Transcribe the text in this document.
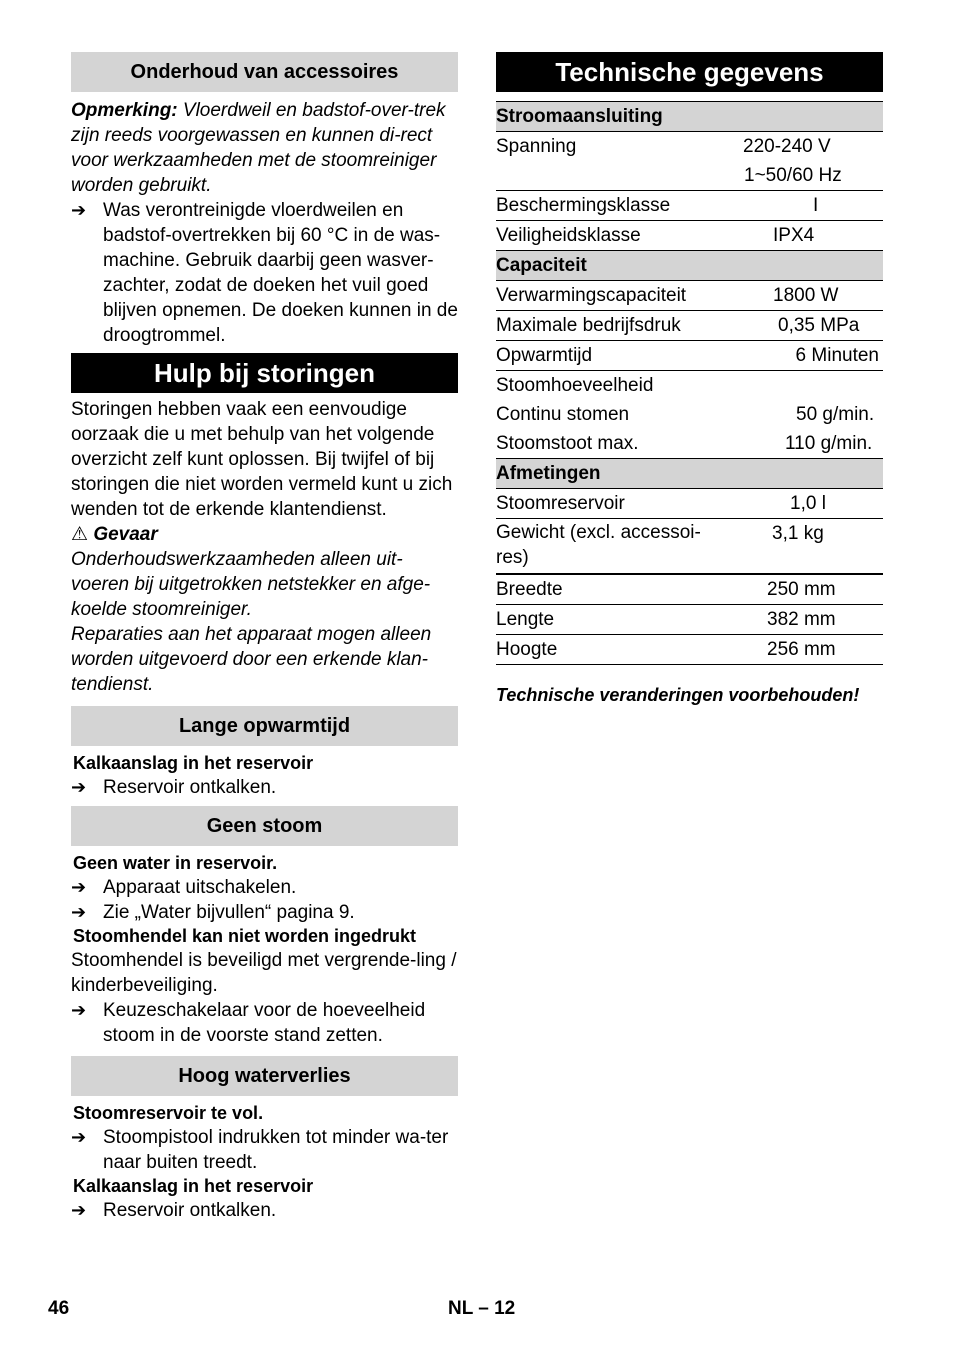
Onderhoud van accessoires
Opmerking: Vloerdweil en badstof-over-trek zijn reeds voorgewassen en kunnen di-rect voor werkzaamheden met de stoomreiniger worden gebruikt.
➔ Was verontreinigde vloerdweilen en badstof-overtrekken bij 60 °C in de was-machine. Gebruik daarbij geen wasver-zachter, zodat de doeken het vuil goed blijven opnemen. De doeken kunnen in de droogtrommel.
Hulp bij storingen
Storingen hebben vaak een eenvoudige oorzaak die u met behulp van het volgende overzicht zelf kunt oplossen. Bij twijfel of bij storingen die niet worden vermeld kunt u zich wenden tot de erkende klantendienst.
⚠ Gevaar
Onderhoudswerkzaamheden alleen uit-voeren bij uitgetrokken netstekker en afge-koelde stoomreiniger.
Reparaties aan het apparaat mogen alleen worden uitgevoerd door een erkende klan-tendienst.
Lange opwarmtijd
Kalkaanslag in het reservoir
➔ Reservoir ontkalken.
Geen stoom
Geen water in reservoir.
➔ Apparaat uitschakelen.
➔ Zie „Water bijvullen“ pagina 9.
Stoomhendel kan niet worden ingedrukt
Stoomhendel is beveiligd met vergrende-ling / kinderbeveiliging.
➔ Keuzeschakelaar voor de hoeveelheid stoom in de voorste stand zetten.
Hoog waterverlies
Stoomreservoir te vol.
➔ Stoompistool indrukken tot minder wa-ter naar buiten treedt.
Kalkaanslag in het reservoir
➔ Reservoir ontkalken.
Technische gegevens
Stroomaansluiting	
Spanning	220-240 V
	1~50/60 Hz
Beschermingsklasse	I
Veiligheidsklasse	IPX4
Capaciteit	
Verwarmingscapaciteit	1800 W
Maximale bedrijfsdruk	0,35 MPa
Opwarmtijd	6 Minuten
Stoomhoeveelheid	
Continu stomen	50 g/min.
Stoomstoot max.	110 g/min.
Afmetingen	
Stoomreservoir	1,0 l
Gewicht (excl. accessoi-res)	3,1 kg
Breedte	250 mm
Lengte	382 mm
Hoogte	256 mm
Technische veranderingen voorbehouden!
46	NL – 12
